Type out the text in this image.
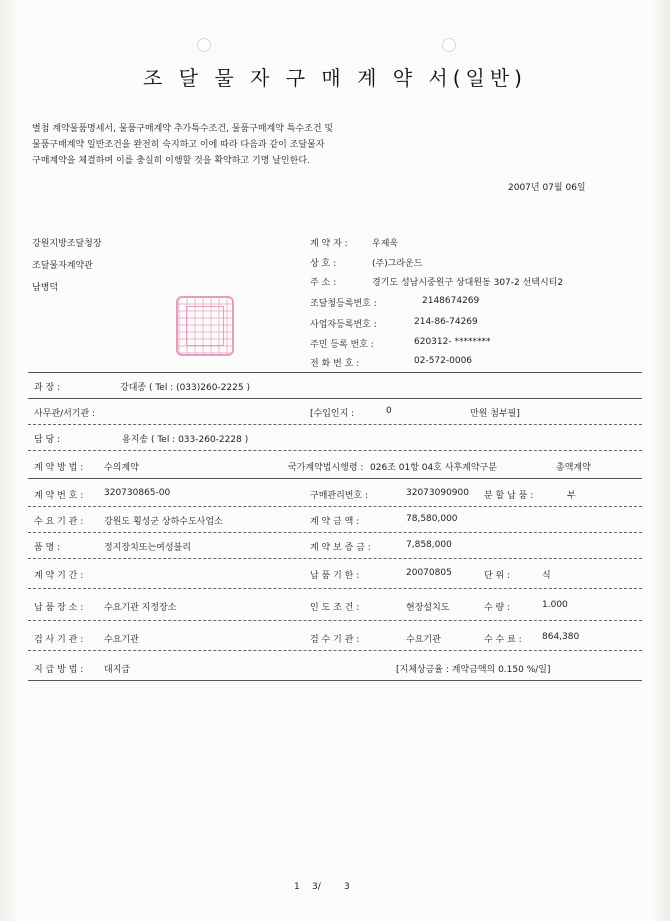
조 달 물 자 구 매 계 약 서(일반)
별첨 계약물품명세서, 물품구매계약 추가특수조건, 물품구매계약 특수조건 및
물품구매계약 일반조건을 완전히 숙지하고 이에 따라 다음과 같이 조달물자
구매계약을 체결하며 이를 충실히 이행할 것을 확약하고 기명 날인한다.
2007년 07월 06일
강원지방조달청장
조달물자계약관
남병덕
계 약 자 :	우제욱
상 호 :	(주)그라운드
주 소 :	경기도 성남시중원구 상대원동 307-2 선텍시티2
조달청등록번호 :	2148674269
사업자등록번호 :	214-86-74269
주민 등록 번호 :	620312- ********
전 화 번 호 :	02-572-0006
과 장 :	강대종 ( Tel : (033)260-2225 )
사무관/서기관 :	[수입인지 :	0	만원 첨부필]
담 당 :	용지송 ( Tel : 033-260-2228 )
계 약 방 법 : 수의계약	국가계약법시행령 : 026조 01항 04호 사후계약구분	총액계약
계 약 번 호 : 320730865-00	구매관리번호 :	32073090900 분 할 납 품 :	부
수 요 기 관 : 강원도 횡성군 상하수도사업소	계 약 금 액 :	78,580,000
품 명 :	정지장치또는여성블리	계 약 보 증 금 :	7,858,000
계 약 기 간 :	납 품 기 한 :	20070805	단 위 :	식
납 품 장 소 : 수요기관 지정장소	인 도 조 건 :	현장설치도	수 량 :	1.000
검 사 기 관 : 수요기관	검 수 기 관 :	수요기관	수 수 료 : 864,380
지 급 방 법 : 대지급	[지체상금율 : 계약금액의 0.150 %/일]
1 3/	3
